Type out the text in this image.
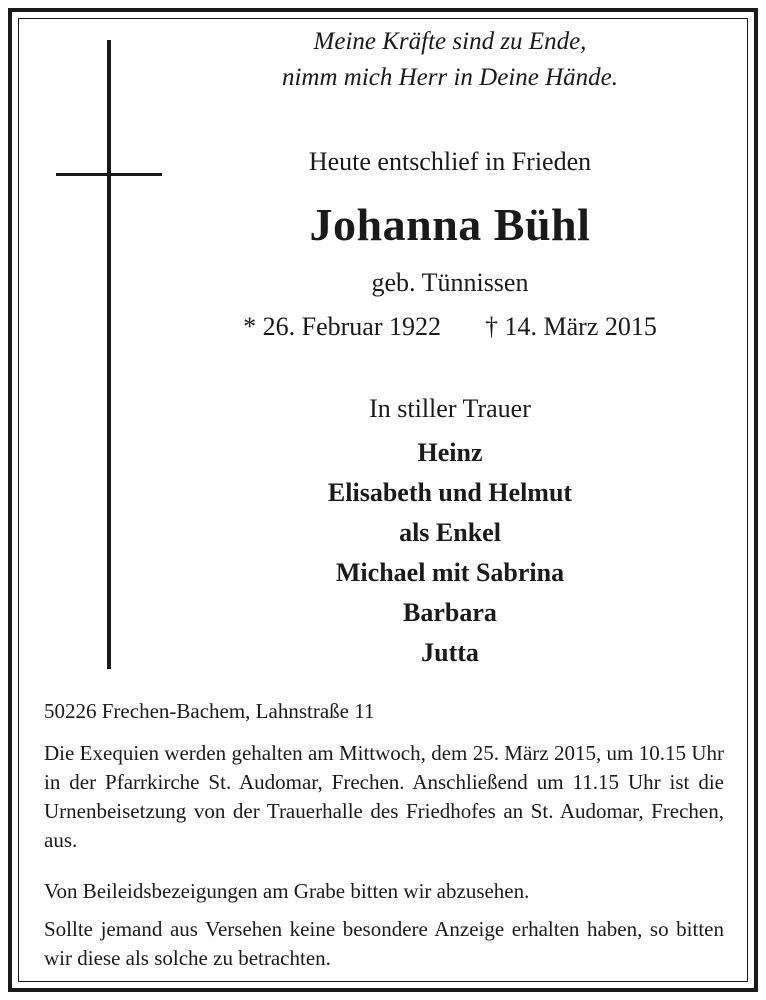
Meine Kräfte sind zu Ende,
nimm mich Herr in Deine Hände.
Heute entschlief in Frieden
Johanna Bühl
geb. Tünnissen
* 26. Februar 1922 † 14. März 2015
In stiller Trauer
Heinz
Elisabeth und Helmut
als Enkel
Michael mit Sabrina
Barbara
Jutta
50226 Frechen-Bachem, Lahnstraße 11
Die Exequien werden gehalten am Mittwoch, dem 25. März 2015, um 10.15 Uhr in der Pfarrkirche St. Audomar, Frechen. Anschließend um 11.15 Uhr ist die Urnenbeisetzung von der Trauerhalle des Friedhofes an St. Audomar, Frechen, aus.
Von Beileidsbezeigungen am Grabe bitten wir abzusehen.
Sollte jemand aus Versehen keine besondere Anzeige erhalten haben, so bitten wir diese als solche zu betrachten.
